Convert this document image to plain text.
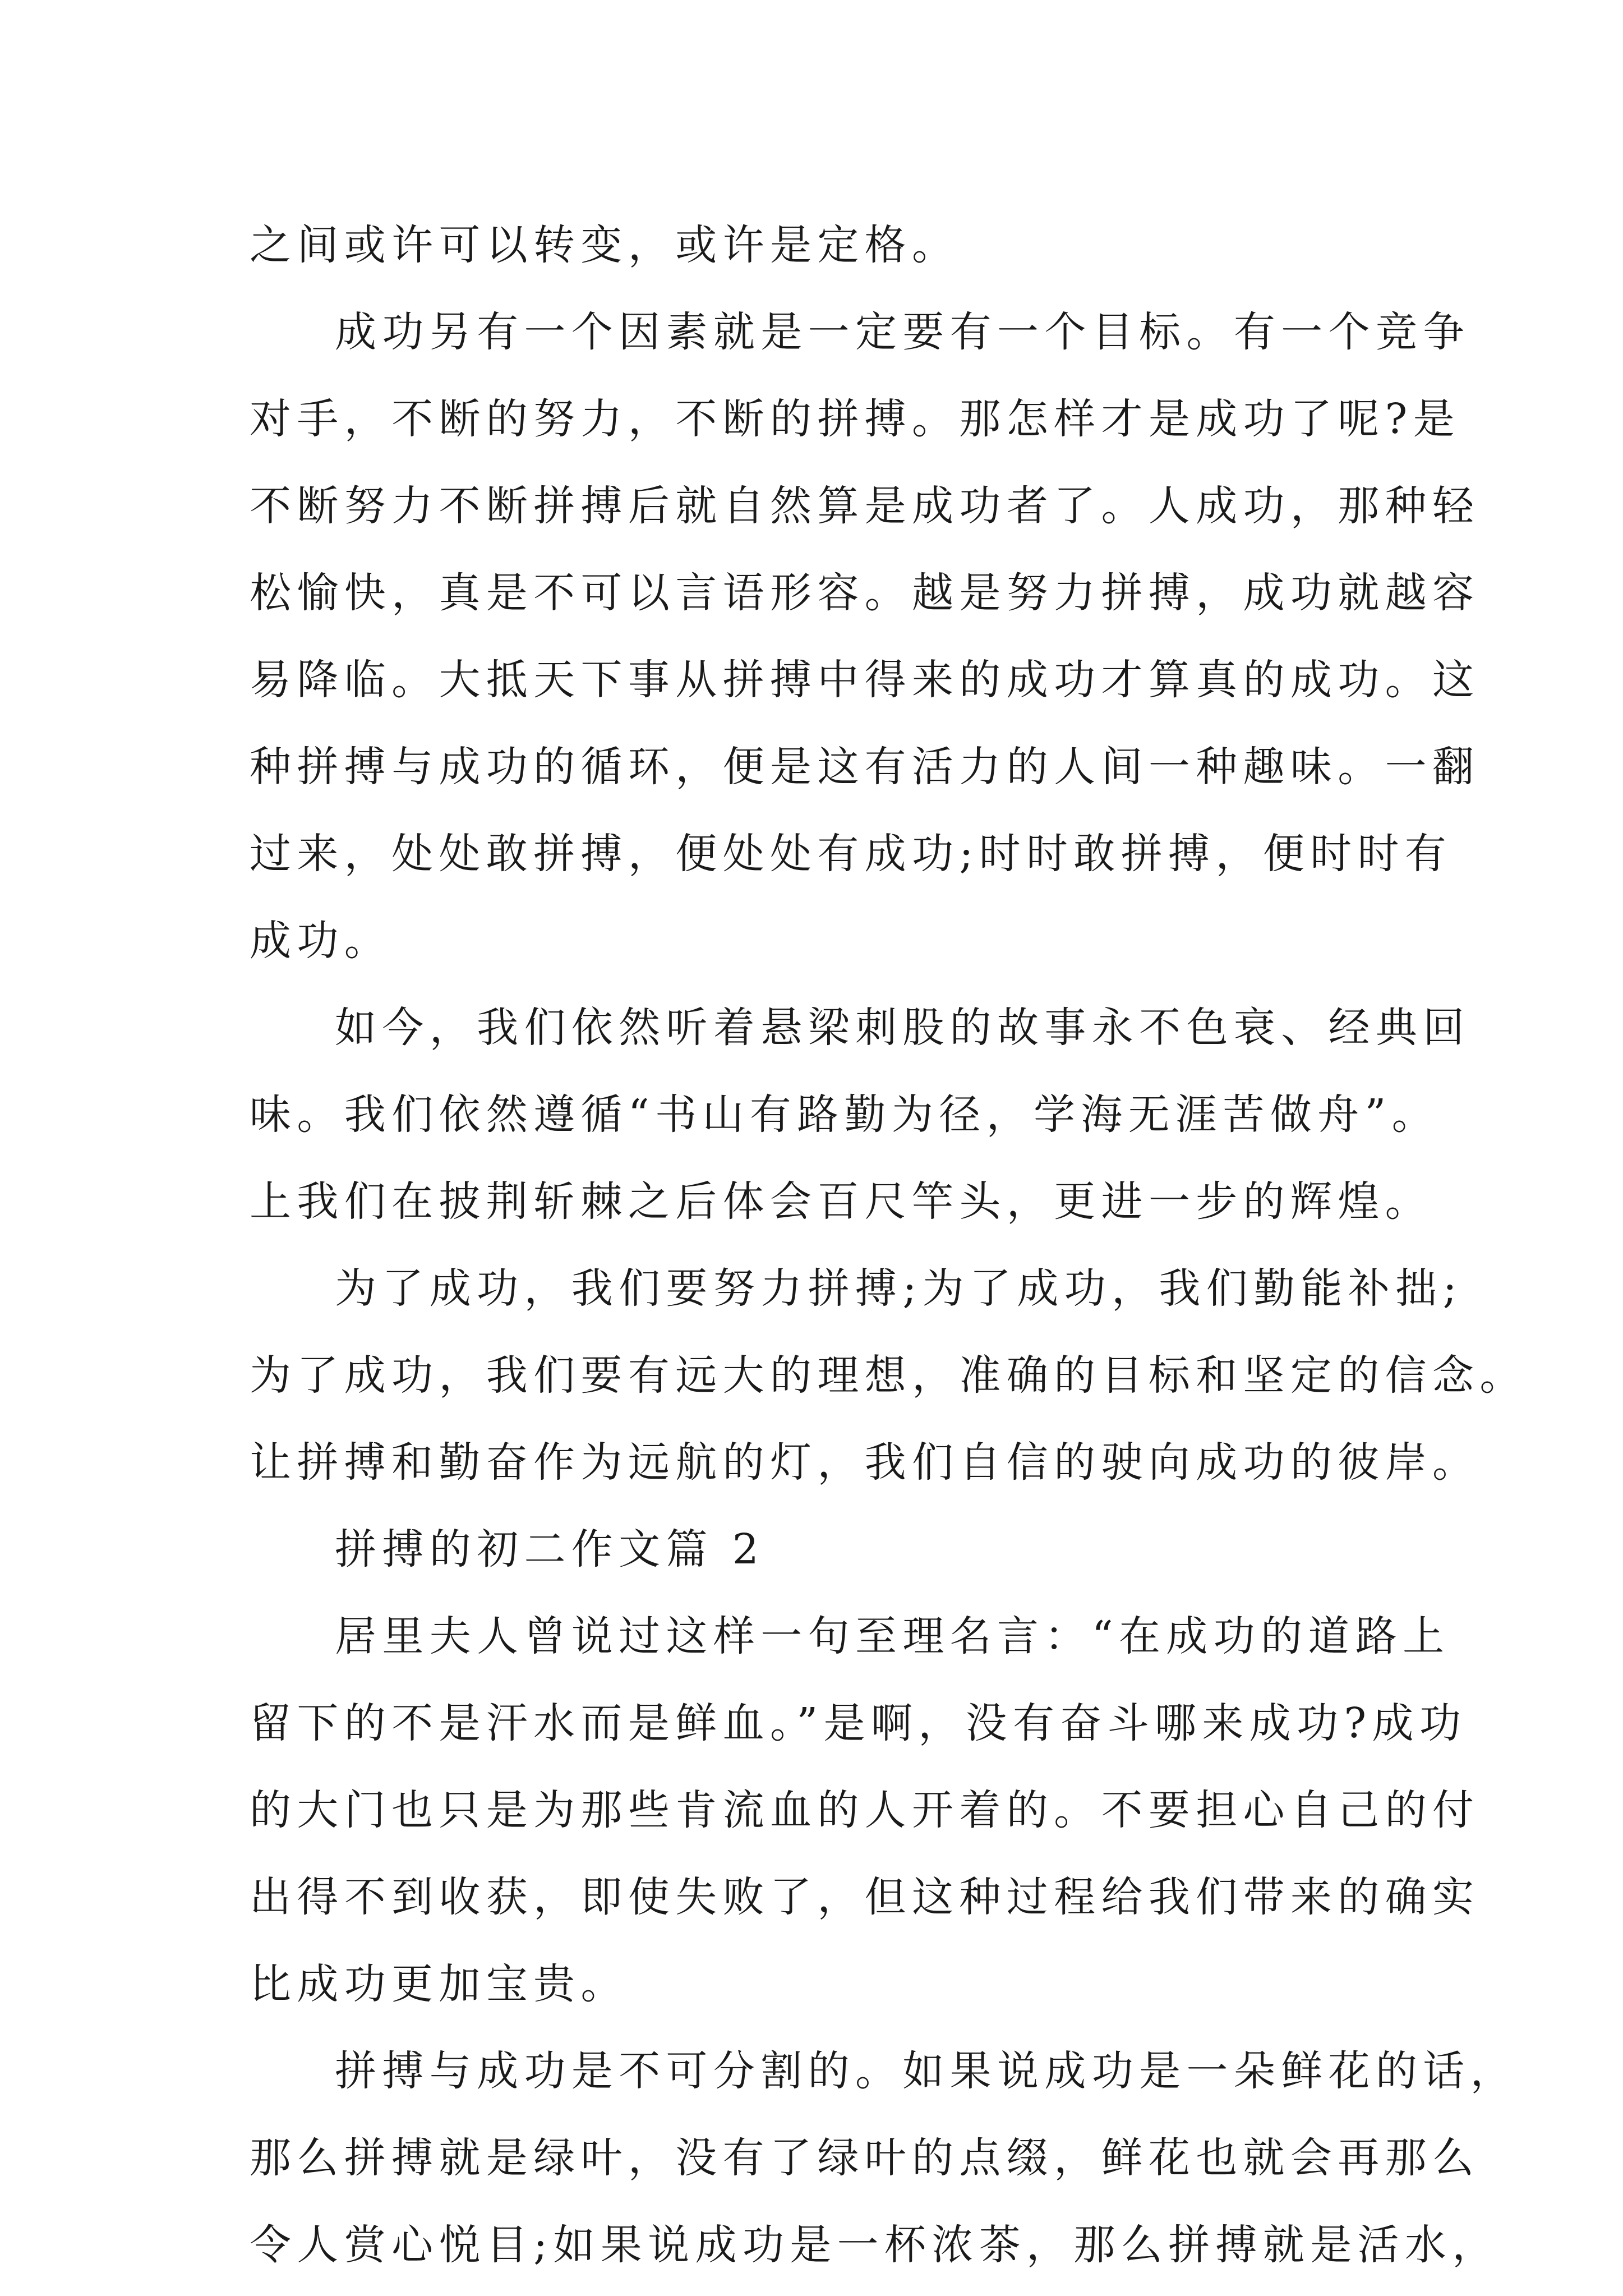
之间或许可以转变，或许是定格。
成功另有一个因素就是一定要有一个目标。有一个竞争
对手，不断的努力，不断的拼搏。那怎样才是成功了呢?是
不断努力不断拼搏后就自然算是成功者了。人成功，那种轻
松愉快，真是不可以言语形容。越是努力拼搏，成功就越容
易降临。大抵天下事从拼搏中得来的成功才算真的成功。这
种拼搏与成功的循环，便是这有活力的人间一种趣味。一翻
过来，处处敢拼搏，便处处有成功;时时敢拼搏，便时时有
成功。
如今，我们依然听着悬梁刺股的故事永不色衰、经典回
味。我们依然遵循“书山有路勤为径，学海无涯苦做舟”。
上我们在披荆斩棘之后体会百尺竿头，更进一步的辉煌。
为了成功，我们要努力拼搏;为了成功，我们勤能补拙;
为了成功，我们要有远大的理想，准确的目标和坚定的信念。
让拼搏和勤奋作为远航的灯，我们自信的驶向成功的彼岸。
拼搏的初二作文篇 2
居里夫人曾说过这样一句至理名言：“在成功的道路上
留下的不是汗水而是鲜血。”是啊，没有奋斗哪来成功?成功
的大门也只是为那些肯流血的人开着的。不要担心自己的付
出得不到收获，即使失败了，但这种过程给我们带来的确实
比成功更加宝贵。
拼搏与成功是不可分割的。如果说成功是一朵鲜花的话，
那么拼搏就是绿叶，没有了绿叶的点缀，鲜花也就会再那么
令人赏心悦目;如果说成功是一杯浓茶，那么拼搏就是活水，
